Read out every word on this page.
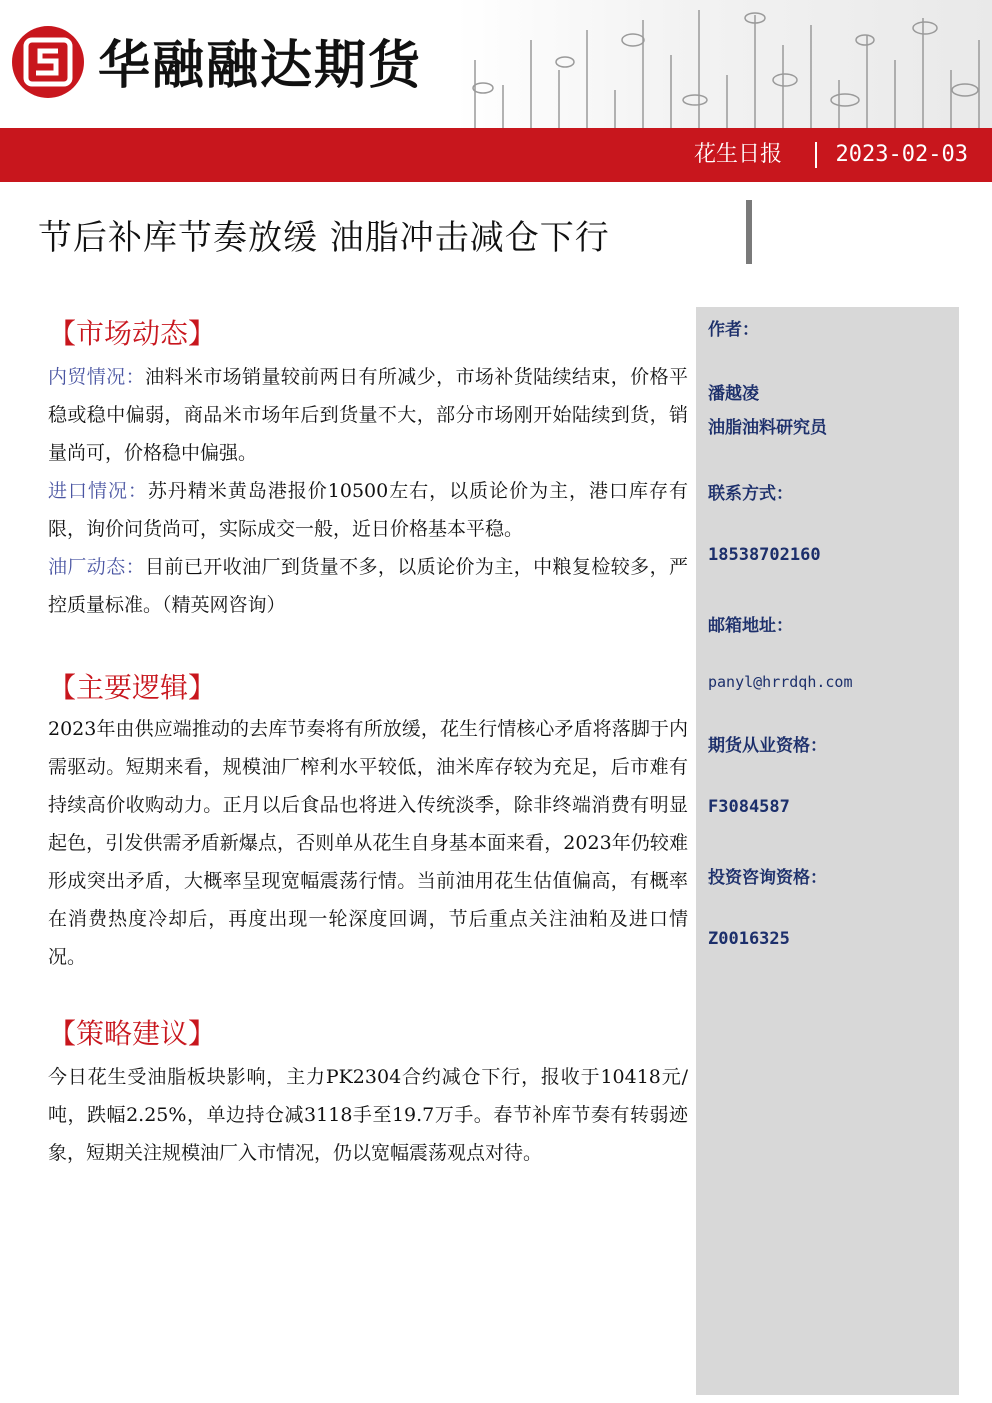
华融融达期货
花生日报 2023-02-03
节后补库节奏放缓 油脂冲击减仓下行
【市场动态】

内贸情况：油料米市场销量较前两日有所减少，市场补货陆续结束，价格平稳或稳中偏弱，商品米市场年后到货量不大，部分市场刚开始陆续到货，销量尚可，价格稳中偏强。

进口情况：苏丹精米黄岛港报价10500左右，以质论价为主，港口库存有限，询价问货尚可，实际成交一般，近日价格基本平稳。

油厂动态：目前已开收油厂到货量不多，以质论价为主，中粮复检较多，严控质量标准。（精英网咨询）

【主要逻辑】

2023年由供应端推动的去库节奏将有所放缓，花生行情核心矛盾将落脚于内需驱动。短期来看，规模油厂榨利水平较低，油米库存较为充足，后市难有持续高价收购动力。正月以后食品也将进入传统淡季，除非终端消费有明显起色，引发供需矛盾新爆点，否则单从花生自身基本面来看，2023年仍较难形成突出矛盾，大概率呈现宽幅震荡行情。当前油用花生估值偏高，有概率在消费热度冷却后，再度出现一轮深度回调，节后重点关注油粕及进口情况。

【策略建议】

今日花生受油脂板块影响，主力PK2304合约减仓下行，报收于10418元/吨，跌幅2.25%，单边持仓减3118手至19.7万手。春节补库节奏有转弱迹象，短期关注规模油厂入市情况，仍以宽幅震荡观点对待。

作者：
潘越凌
油脂油料研究员
联系方式：
18538702160
邮箱地址：
panyl@hrrdqh.com
期货从业资格：
F3084587
投资咨询资格：
Z0016325
